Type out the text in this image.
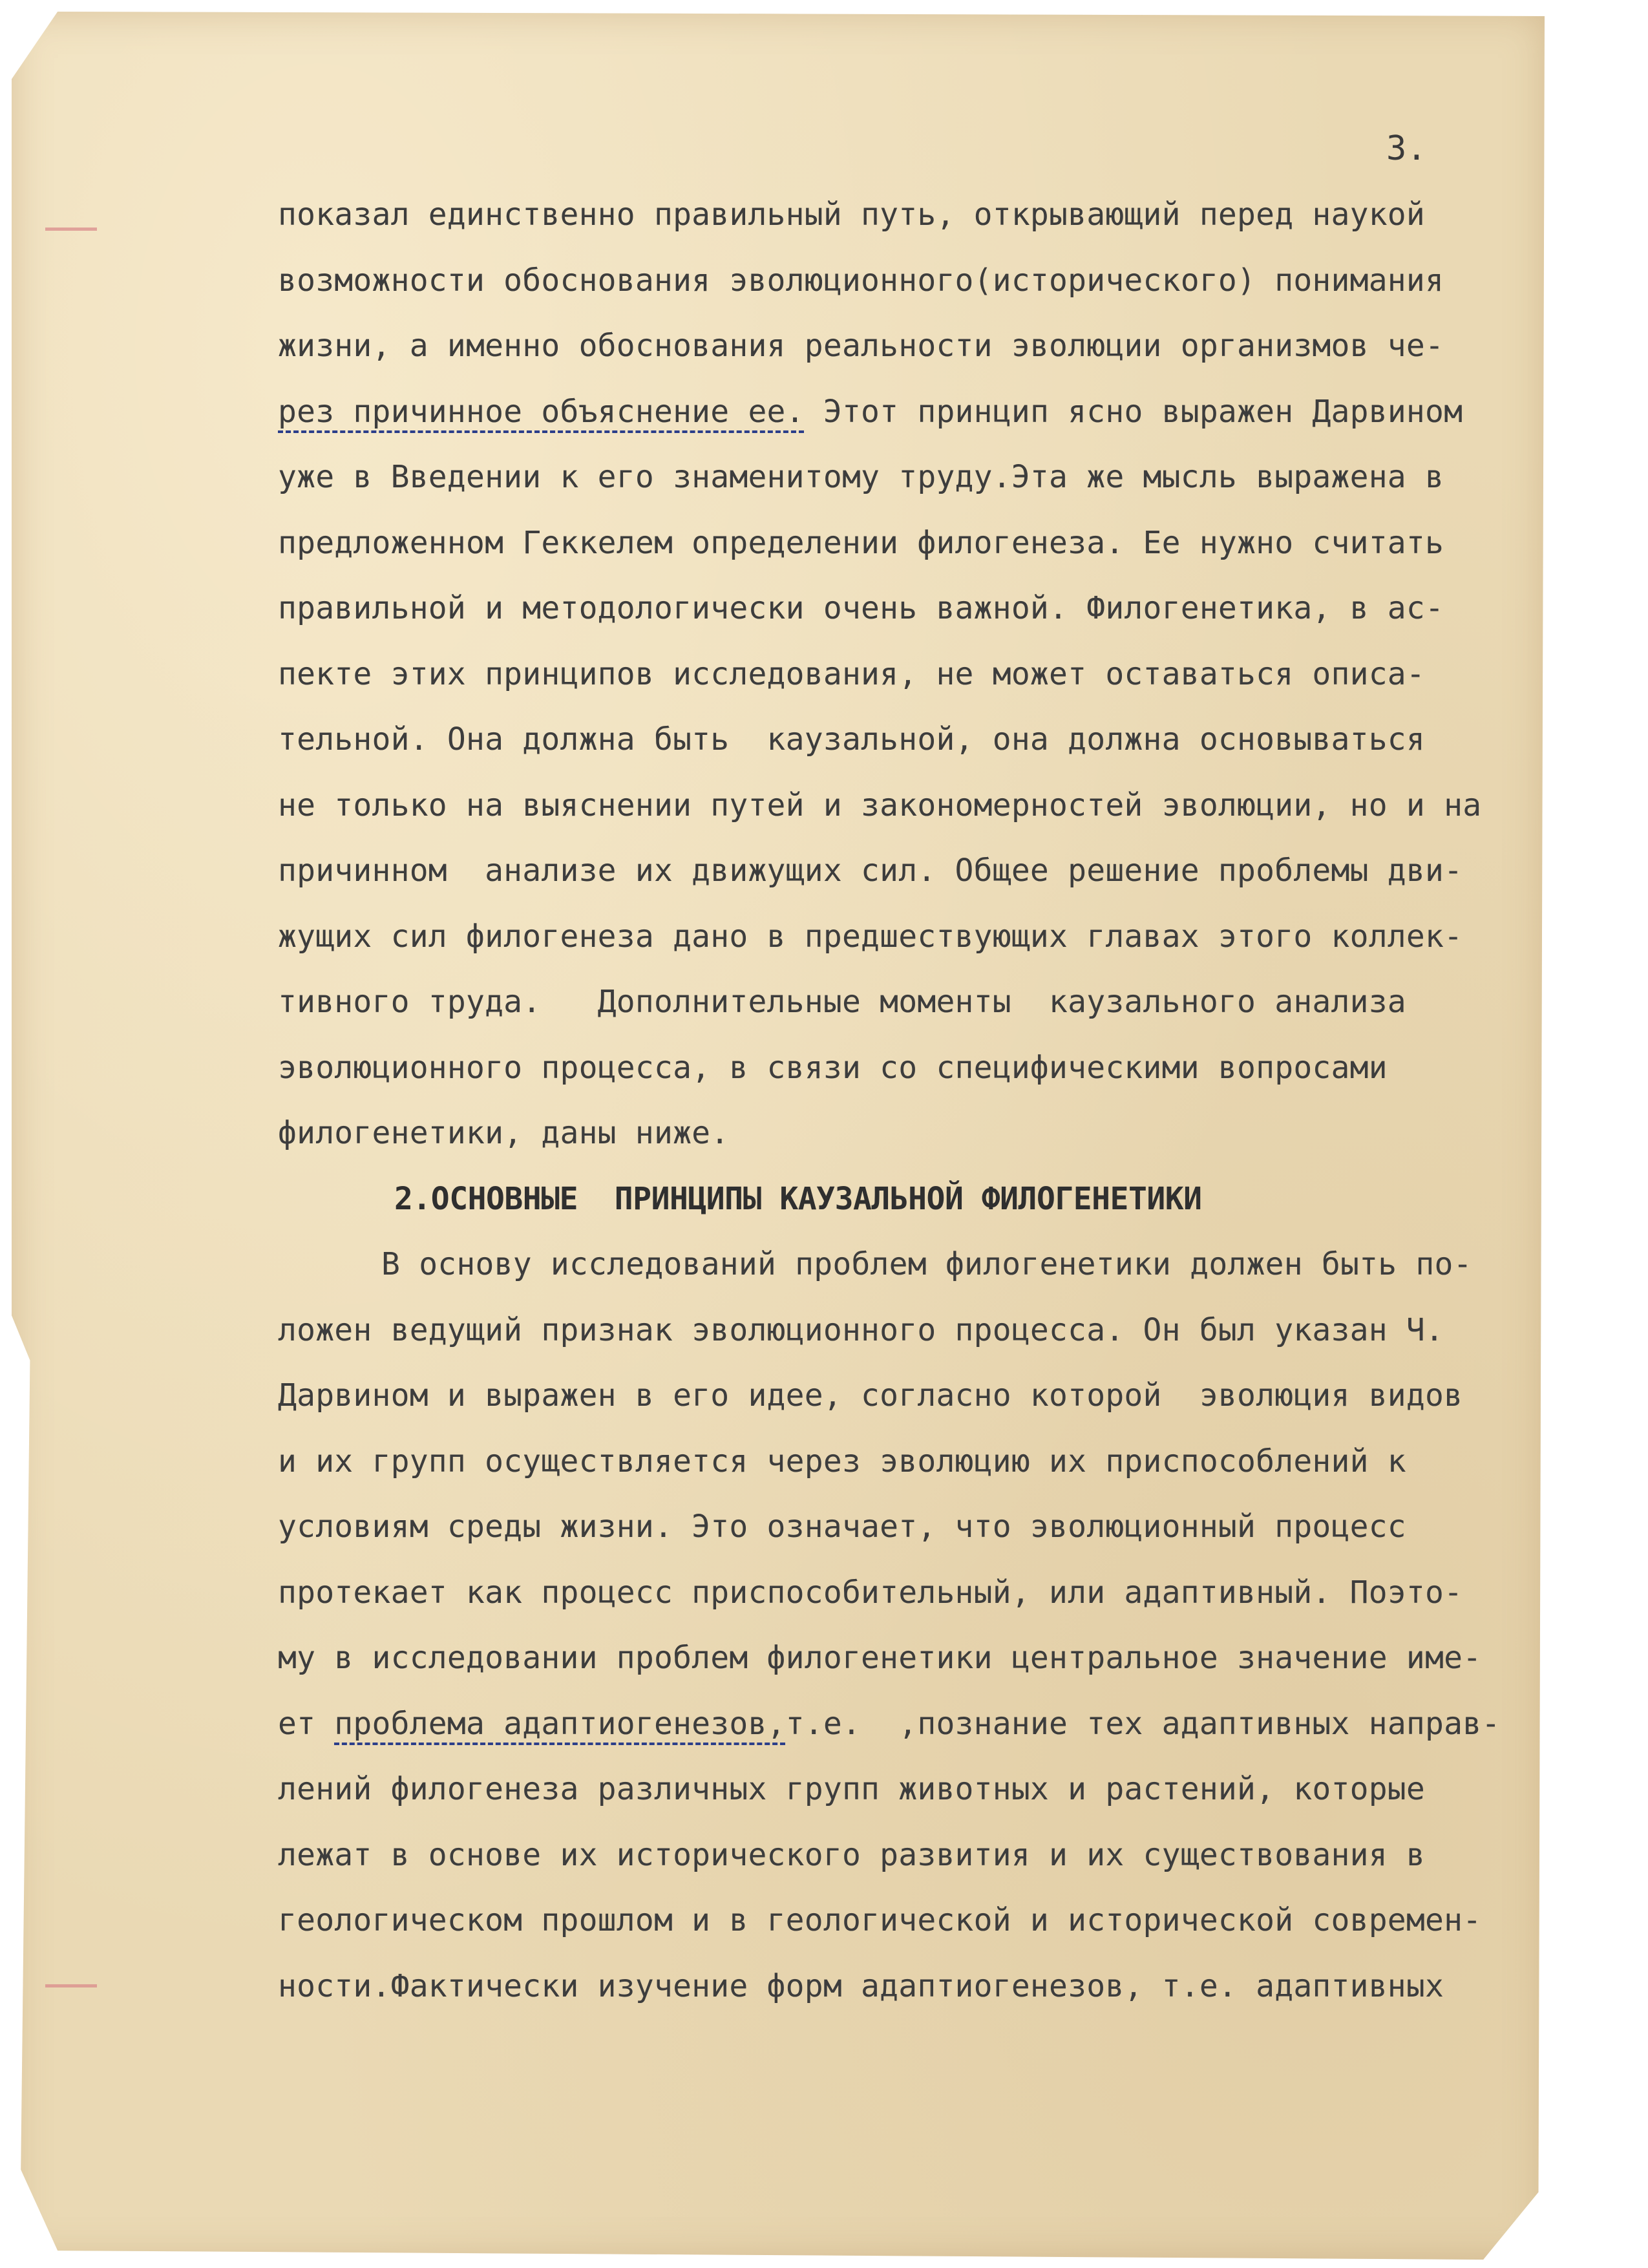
3.
показал единственно правильный путь, открывающий перед наукой
возможности обоснования эволюционного(исторического) понимания
жизни, а именно обоснования реальности эволюции организмов че-
рез причинное объяснение ее. Этот принцип ясно выражен Дарвином
уже в Введении к его знаменитому труду.Эта же мысль выражена в
предложенном Геккелем определении филогенеза. Ее нужно считать
правильной и методологически очень важной. Филогенетика, в ас-
пекте этих принципов исследования, не может оставаться описа-
тельной. Она должна быть  каузальной, она должна основываться
не только на выяснении путей и закономерностей эволюции, но и на
причинном  анализе их движущих сил. Общее решение проблемы дви-
жущих сил филогенеза дано в предшествующих главах этого коллек-
тивного труда.   Дополнительные моменты  каузального анализа
эволюционного процесса, в связи со специфическими вопросами
филогенетики, даны ниже.
2.ОСНОВНЫЕ  ПРИНЦИПЫ КАУЗАЛЬНОЙ ФИЛОГЕНЕТИКИ
В основу исследований проблем филогенетики должен быть по-
ложен ведущий признак эволюционного процесса. Он был указан Ч.
Дарвином и выражен в его идее, согласно которой  эволюция видов
и их групп осуществляется через эволюцию их приспособлений к
условиям среды жизни. Это означает, что эволюционный процесс
протекает как процесс приспособительный, или адаптивный. Поэто-
му в исследовании проблем филогенетики центральное значение име-
ет проблема адаптиогенезов,т.е.  ,познание тех адаптивных направ-
лений филогенеза различных групп животных и растений, которые
лежат в основе их исторического развития и их существования в
геологическом прошлом и в геологической и исторической современ-
ности.Фактически изучение форм адаптиогенезов, т.е. адаптивных
